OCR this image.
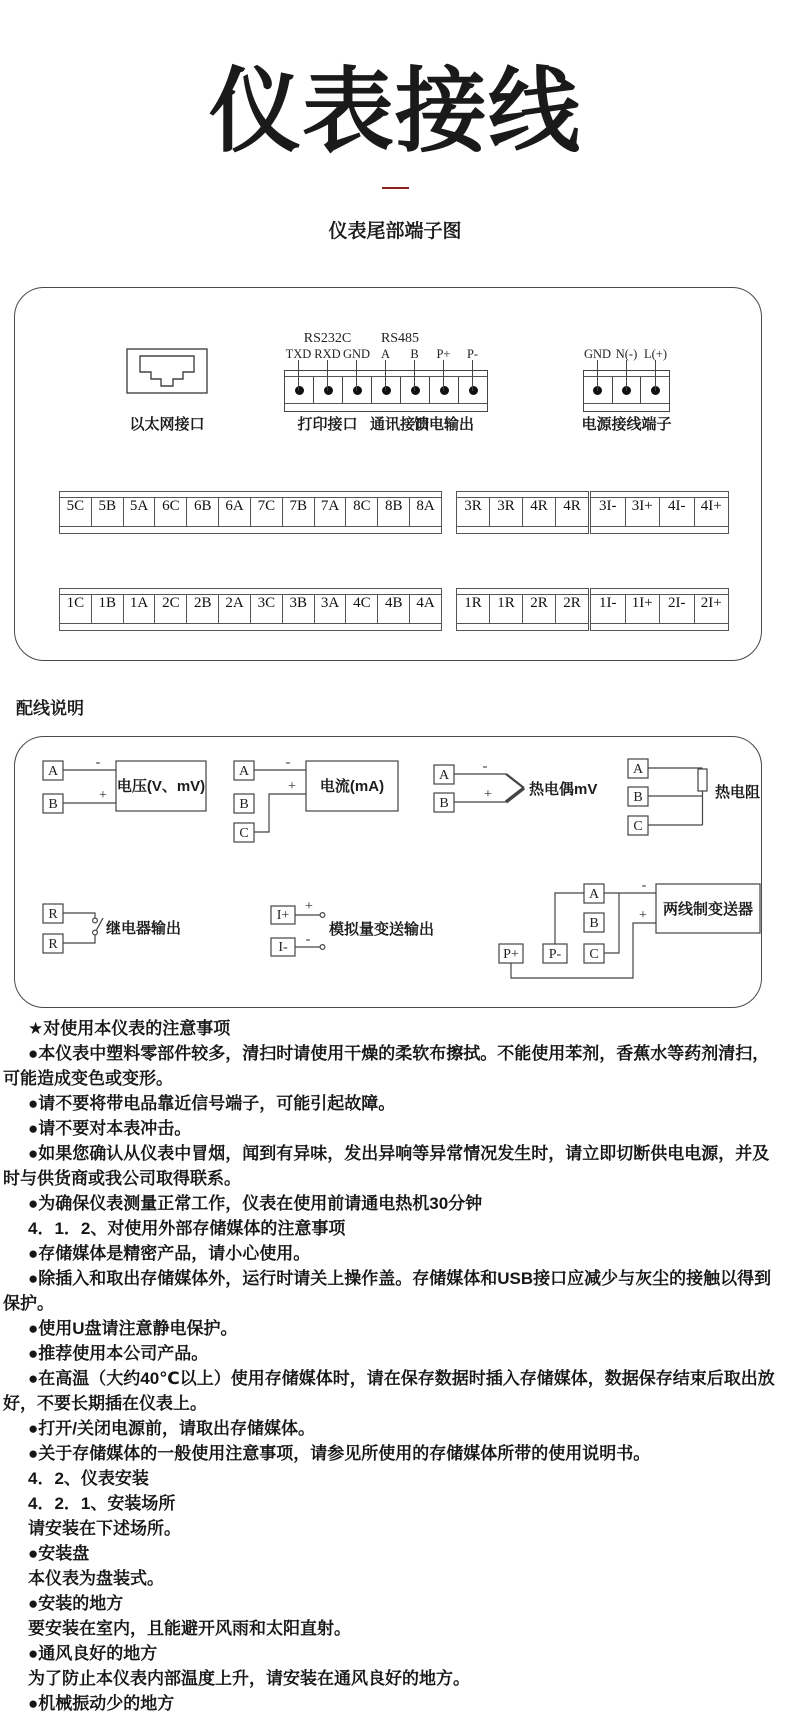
仪表接线
仪表尾部端子图
以太网接口
RS232C	RS485
TXD RXD GND A	B	P+	P-	GND N(-) L(+)
打印接口 通讯接口
馈电输出	电源接线端子
5C 5B 5A 6C 6B 6A 7C 7B 7A 8C 8B 8A	3R	3R	4R	4R	3I-	3I+	4I-	4I+
1C 1B 1A 2C 2B 2A 3C 3B 3A 4C 4B 4A	1R	1R	2R	2R	1I-	1I+	2I-	2I+
配线说明
A
B
-
+
电压(V、mV)
A
B
C
-
+ 电流(mA)
A
B
-
+ 热电偶mV
A
B
C
热电阻
R
R
继电器输出
I+
I-
+
-
模拟量变送输出
A
B
C
P+ P-
-
+ 两线制变送器

★对使用本仪表的注意事项

●本仪表中塑料零部件较多，清扫时请使用干燥的柔软布擦拭。不能使用苯剂，香蕉水等药剂清扫，可能造成变色或变形。

●请不要将带电品靠近信号端子，可能引起故障。

●请不要对本表冲击。

●如果您确认从仪表中冒烟，闻到有异味，发出异响等异常情况发生时，请立即切断供电电源，并及时与供货商或我公司取得联系。

●为确保仪表测量正常工作，仪表在使用前请通电热机30分钟

4．1．2、对使用外部存储媒体的注意事项

●存储媒体是精密产品，请小心使用。

●除插入和取出存储媒体外，运行时请关上操作盖。存储媒体和USB接口应减少与灰尘的接触以得到保护。

●使用U盘请注意静电保护。

●推荐使用本公司产品。

●在高温（大约40℃以上）使用存储媒体时，请在保存数据时插入存储媒体，数据保存结束后取出放好，不要长期插在仪表上。

●打开/关闭电源前，请取出存储媒体。

●关于存储媒体的一般使用注意事项，请参见所使用的存储媒体所带的使用说明书。

4．2、仪表安装

4．2．1、安装场所

请安装在下述场所。

●安装盘

本仪表为盘装式。

●安装的地方

要安装在室内，且能避开风雨和太阳直射。

●通风良好的地方

为了防止本仪表内部温度上升，请安装在通风良好的地方。

●机械振动少的地方
